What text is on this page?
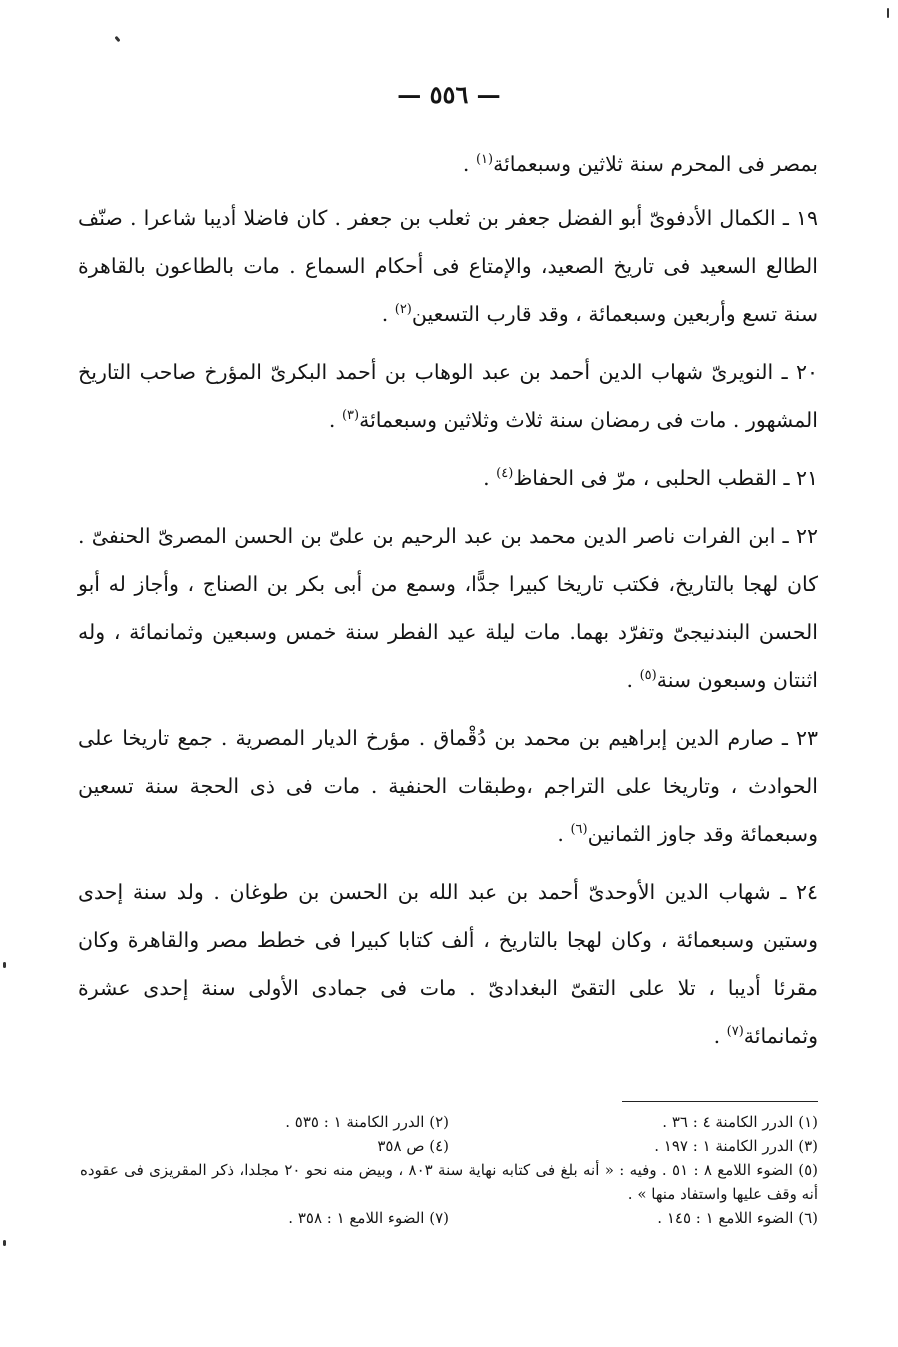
— ٥٥٦ —

بمصر فى المحرم سنة ثلاثين وسبعمائة$^{(١)}$ .

١٩ ـ الكمال الأدفوىّ أبو الفضل جعفر بن ثعلب بن جعفر . كان فاضلا أديبا شاعرا . صنّف الطالع السعيد فى تاريخ الصعيد، والإمتاع فى أحكام السماع . مات بالطاعون بالقاهرة سنة تسع وأربعين وسبعمائة ، وقد قارب التسعين$^{(٢)}$ .

٢٠ ـ النويرىّ شهاب الدين أحمد بن عبد الوهاب بن أحمد البكرىّ المؤرخ صاحب التاريخ المشهور . مات فى رمضان سنة ثلاث وثلاثين وسبعمائة$^{(٣)}$ .

٢١ ـ القطب الحلبى ، مرّ فى الحفاظ$^{(٤)}$ .

٢٢ ـ ابن الفرات ناصر الدين محمد بن عبد الرحيم بن علىّ بن الحسن المصرىّ الحنفىّ . كان لهجا بالتاريخ، فكتب تاريخا كبيرا جدًّا، وسمع من أبى بكر بن الصناج ، وأجاز له أبو الحسن البندنيجىّ وتفرّد بهما. مات ليلة عيد الفطر سنة خمس وسبعين وثمانمائة ، وله اثنتان وسبعون سنة$^{(٥)}$ .

٢٣ ـ صارم الدين إبراهيم بن محمد بن دُقْماق . مؤرخ الديار المصرية . جمع تاريخا على الحوادث ، وتاريخا على التراجم ،وطبقات الحنفية . مات فى ذى الحجة سنة تسعين وسبعمائة وقد جاوز الثمانين$^{(٦)}$ .

٢٤ ـ شهاب الدين الأوحدىّ أحمد بن عبد الله بن الحسن بن طوغان . ولد سنة إحدى وستين وسبعمائة ، وكان لهجا بالتاريخ ، ألف كتابا كبيرا فى خطط مصر والقاهرة وكان مقرئا أديبا ، تلا على التقىّ البغدادىّ . مات فى جمادى الأولى سنة إحدى عشرة وثمانمائة$^{(٧)}$ .

(١) الدرر الكامنة ٤ : ٣٦ .
(٢) الدرر الكامنة ١ : ٥٣٥ .
(٣) الدرر الكامنة ١ : ١٩٧ .
(٤) ص ٣٥٨
(٥) الضوء اللامع ٨ : ٥١ . وفيه : « أنه بلغ فى كتابه نهاية سنة ٨٠٣ ، وبيض منه نحو ٢٠ مجلدا، ذكر المقريزى فى عقوده أنه وقف عليها واستفاد منها » .
(٦) الضوء اللامع ١ : ١٤٥ .
(٧) الضوء اللامع ١ : ٣٥٨ .
